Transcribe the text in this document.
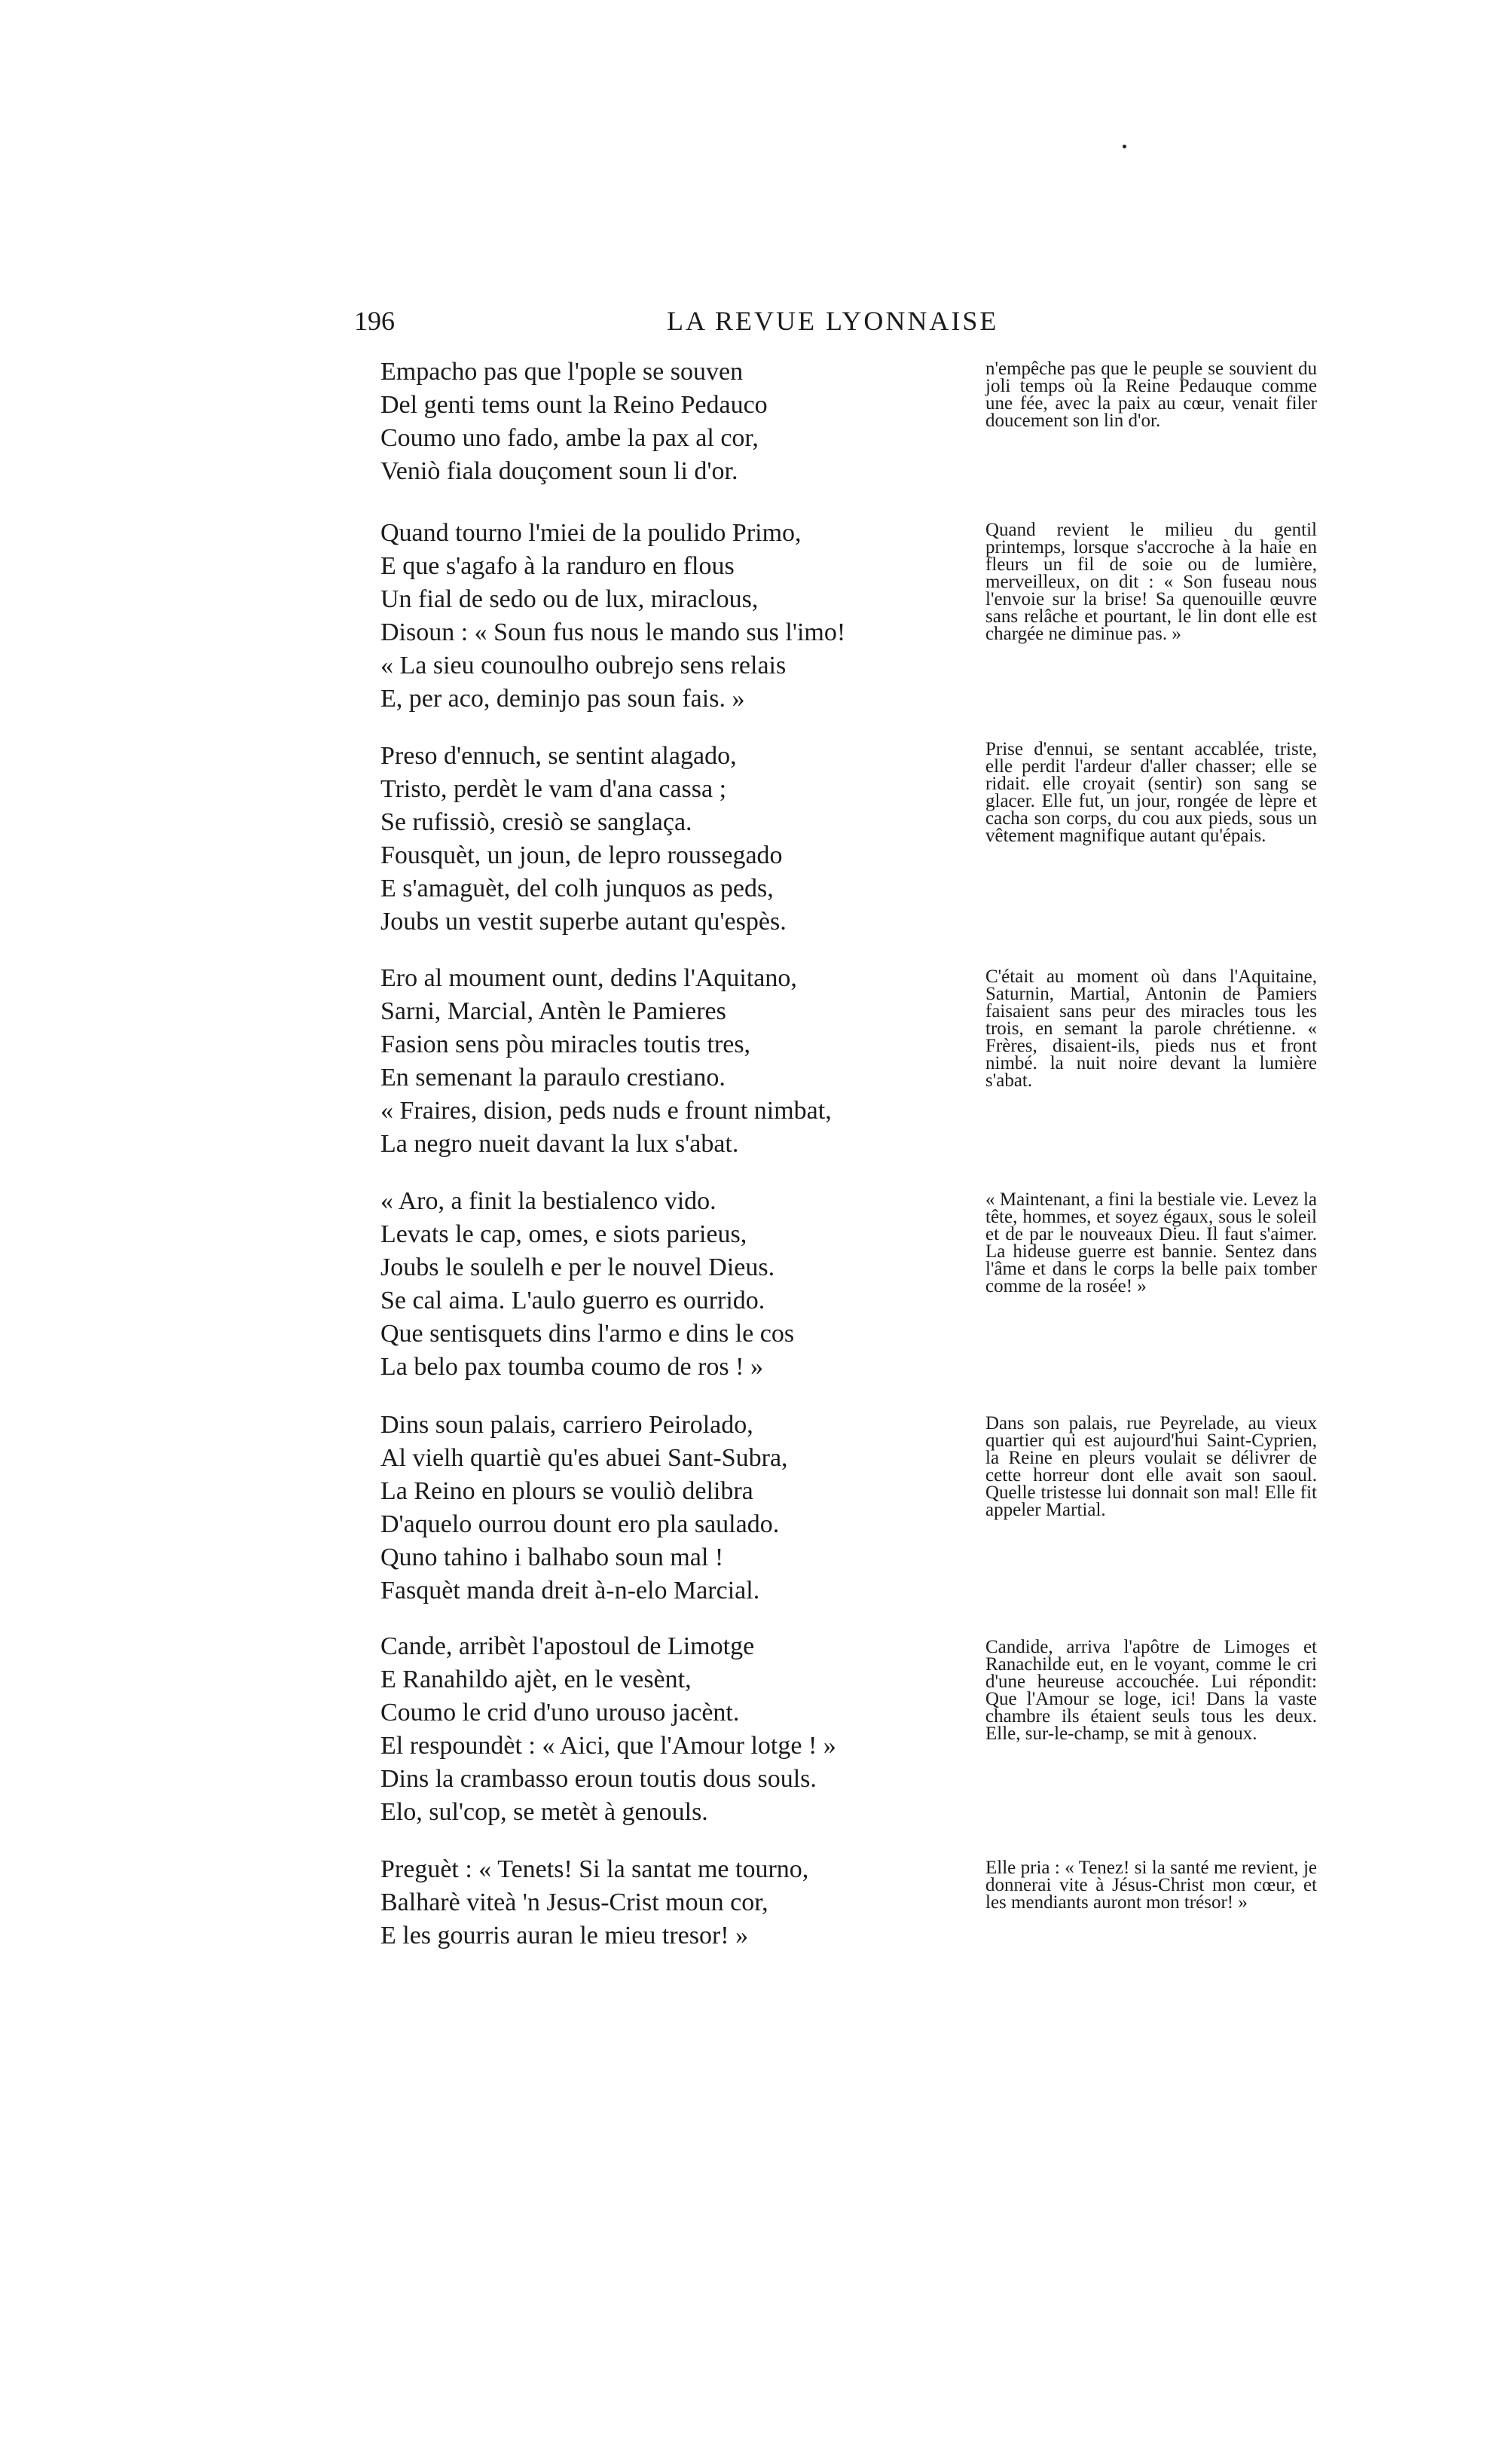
196	LA REVUE LYONNAISE
Empacho pas que l'pople se souven
Del genti tems ount la Reino Pedauco
Coumo uno fado, ambe la pax al cor,
Veniò fiala douçoment soun li d'or.
Quand tourno l'miei de la poulido Primo,
E que s'agafo à la randuro en flous
Un fial de sedo ou de lux, miraclous,
Disoun : « Soun fus nous le mando sus l'imo!
« La sieu counoulho oubrejo sens relais
E, per aco, deminjo pas soun fais. »
Preso d'ennuch, se sentint alagado,
Tristo, perdèt le vam d'ana cassa ;
Se rufissiò, cresiò se sanglaça.
Fousquèt, un joun, de lepro roussegado
E s'amaguèt, del colh junquos as peds,
Joubs un vestit superbe autant qu'espès.
Ero al moument ount, dedins l'Aquitano,
Sarni, Marcial, Antèn le Pamieres
Fasion sens pòu miracles toutis tres,
En semenant la paraulo crestiano.
« Fraires, dision, peds nuds e frount nimbat,
La negro nueit davant la lux s'abat.
« Aro, a finit la bestialenco vido.
Levats le cap, omes, e siots parieus,
Joubs le soulelh e per le nouvel Dieus.
Se cal aima. L'aulo guerro es ourrido.
Que sentisquets dins l'armo e dins le cos
La belo pax toumba coumo de ros ! »
Dins soun palais, carriero Peirolado,
Al vielh quartiè qu'es abuei Sant-Subra,
La Reino en plours se vouliò delibra
D'aquelo ourrou dount ero pla saulado.
Quno tahino i balhabo soun mal !
Fasquèt manda dreit à-n-elo Marcial.
Cande, arribèt l'apostoul de Limotge
E Ranahildo ajèt, en le vesènt,
Coumo le crid d'uno urouso jacènt.
El respoundèt : « Aici, que l'Amour lotge ! »
Dins la crambasso eroun toutis dous souls.
Elo, sul'cop, se metèt à genouls.
Preguèt : « Tenets! Si la santat me tourno,
Balharè viteà 'n Jesus-Crist moun cor,
E les gourris auran le mieu tresor! »
n'empêche pas que le peuple se souvient du joli temps où la Reine Pedauque comme une fée, avec la paix au cœur, venait filer doucement son lin d'or.
Quand revient le milieu du gentil printemps, lorsque s'accroche à la haie en fleurs un fil de soie ou de lumière, merveilleux, on dit : « Son fuseau nous l'envoie sur la brise! Sa quenouille œuvre sans relâche et pourtant, le lin dont elle est chargée ne diminue pas. »
Prise d'ennui, se sentant accablée, triste, elle perdit l'ardeur d'aller chasser; elle se ridait. elle croyait (sentir) son sang se glacer. Elle fut, un jour, rongée de lèpre et cacha son corps, du cou aux pieds, sous un vêtement magnifique autant qu'épais.
C'était au moment où dans l'Aquitaine, Saturnin, Martial, Antonin de Pamiers faisaient sans peur des miracles tous les trois, en semant la parole chrétienne. « Frères, disaient-ils, pieds nus et front nimbé. la nuit noire devant la lumière s'abat.
« Maintenant, a fini la bestiale vie. Levez la tête, hommes, et soyez égaux, sous le soleil et de par le nouveaux Dieu. Il faut s'aimer. La hideuse guerre est bannie. Sentez dans l'âme et dans le corps la belle paix tomber comme de la rosée! »
Dans son palais, rue Peyrelade, au vieux quartier qui est aujourd'hui Saint-Cyprien, la Reine en pleurs voulait se délivrer de cette horreur dont elle avait son saoul. Quelle tristesse lui donnait son mal! Elle fit appeler Martial.
Candide, arriva l'apôtre de Limoges et Ranachilde eut, en le voyant, comme le cri d'une heureuse accouchée. Lui répondit: Que l'Amour se loge, ici! Dans la vaste chambre ils étaient seuls tous les deux. Elle, sur-le-champ, se mit à genoux.
Elle pria : « Tenez! si la santé me revient, je donnerai vite à Jésus-Christ mon cœur, et les mendiants auront mon trésor! »
